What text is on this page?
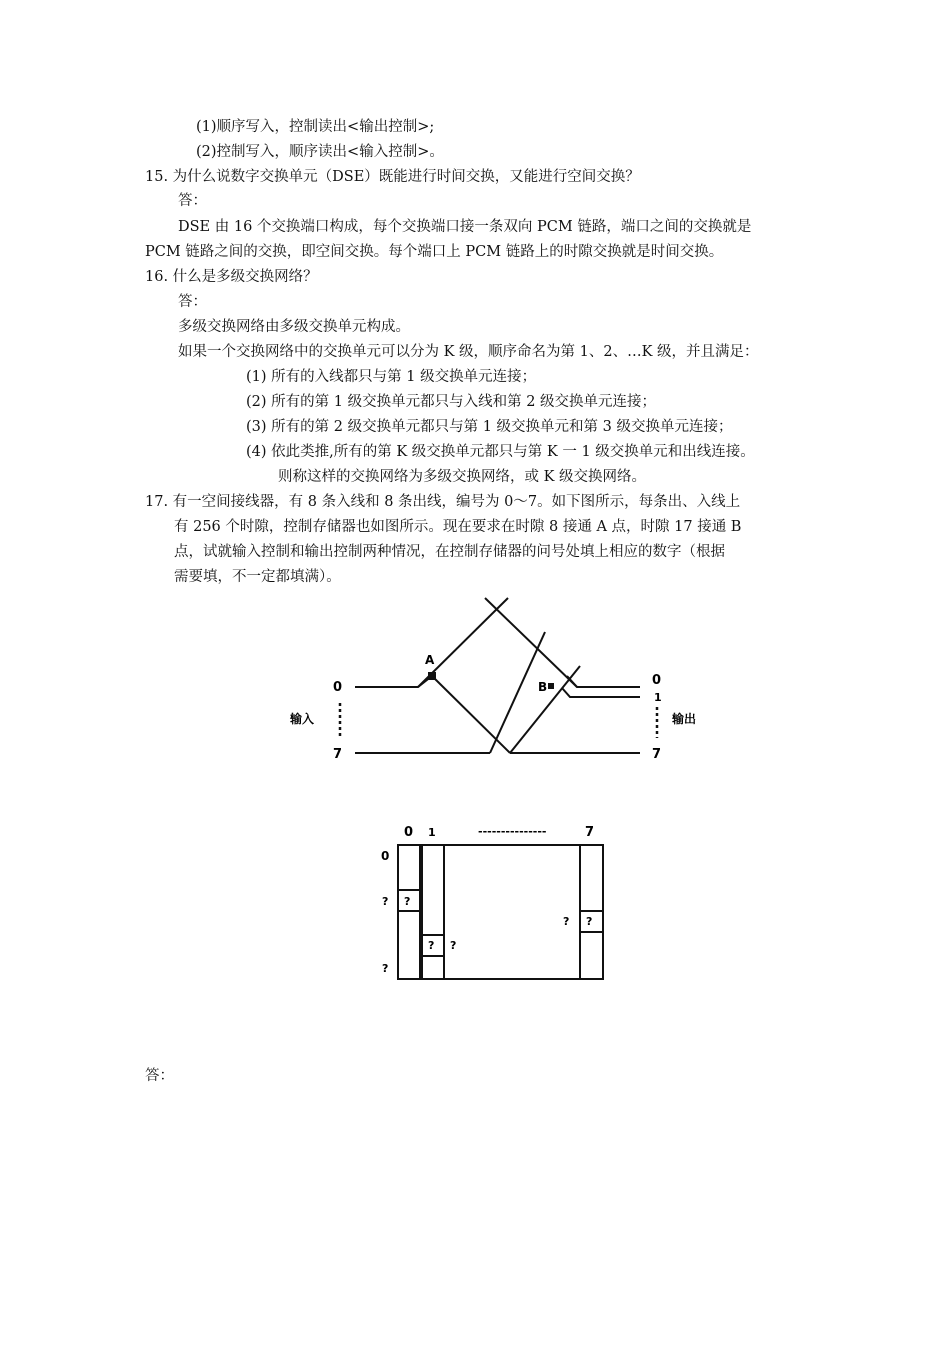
(1)顺序写入，控制读出<输出控制>;
(2)控制写入，顺序读出<输入控制>。
15. 为什么说数字交换单元（DSE）既能进行时间交换，又能进行空间交换？
答：
DSE 由 16 个交换端口构成，每个交换端口接一条双向 PCM 链路，端口之间的交换就是
PCM 链路之间的交换，即空间交换。每个端口上 PCM 链路上的时隙交换就是时间交换。
16. 什么是多级交换网络？
答：
多级交换网络由多级交换单元构成。
如果一个交换网络中的交换单元可以分为 K 级，顺序命名为第 1、2、…K 级，并且满足：
(1) 所有的入线都只与第 1 级交换单元连接；
(2) 所有的第 1 级交换单元都只与入线和第 2 级交换单元连接；
(3) 所有的第 2 级交换单元都只与第 1 级交换单元和第 3 级交换单元连接；
(4) 依此类推,所有的第 K 级交换单元都只与第 K 一 1 级交换单元和出线连接。
则称这样的交换网络为多级交换网络，或 K 级交换网络。
17. 有一空间接线器，有 8 条入线和 8 条出线，编号为 0～7。如下图所示，每条出、入线上
有 256 个时隙，控制存储器也如图所示。现在要求在时隙 8 接通 A 点，时隙 17 接通 B
点，试就输入控制和输出控制两种情况，在控制存储器的问号处填上相应的数字（根据
需要填，不一定都填满）。
A
B
0
7
0
1
7
输入	输出
0 1	---------------	7
0
? ?
? ?
? ?
?
答：
